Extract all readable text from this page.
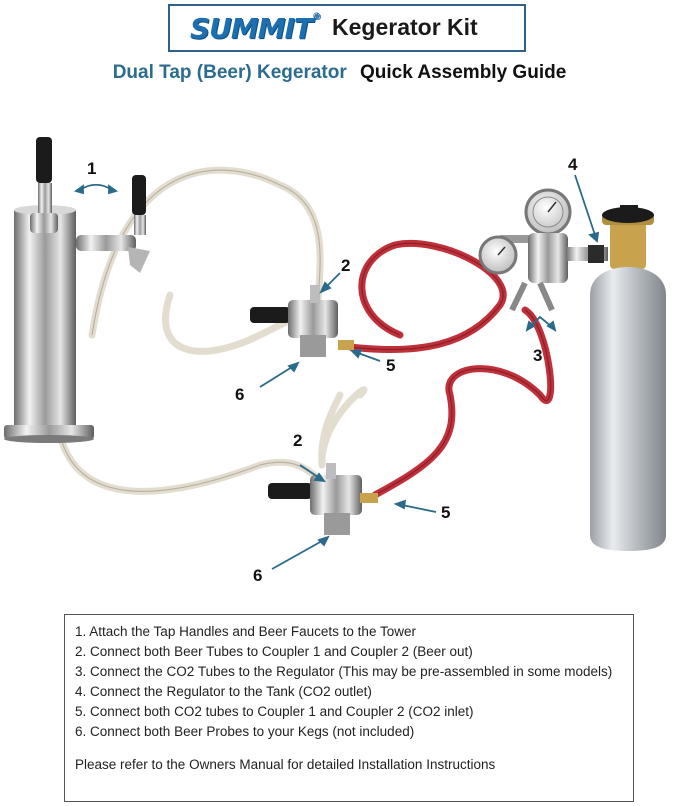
SUMMIT® Kegerator Kit
Dual Tap (Beer) Kegerator Quick Assembly Guide
1
2
2
3
4
5
5
6
6
1. Attach the Tap Handles and Beer Faucets to the Tower
2. Connect both Beer Tubes to Coupler 1 and Coupler 2 (Beer out)
3. Connect the CO2 Tubes to the Regulator (This may be pre-assembled in some models)
4. Connect the Regulator to the Tank (CO2 outlet)
5. Connect both CO2 tubes to Coupler 1 and Coupler 2 (CO2 inlet)
6. Connect both Beer Probes to your Kegs (not included)
Please refer to the Owners Manual for detailed Installation Instructions
